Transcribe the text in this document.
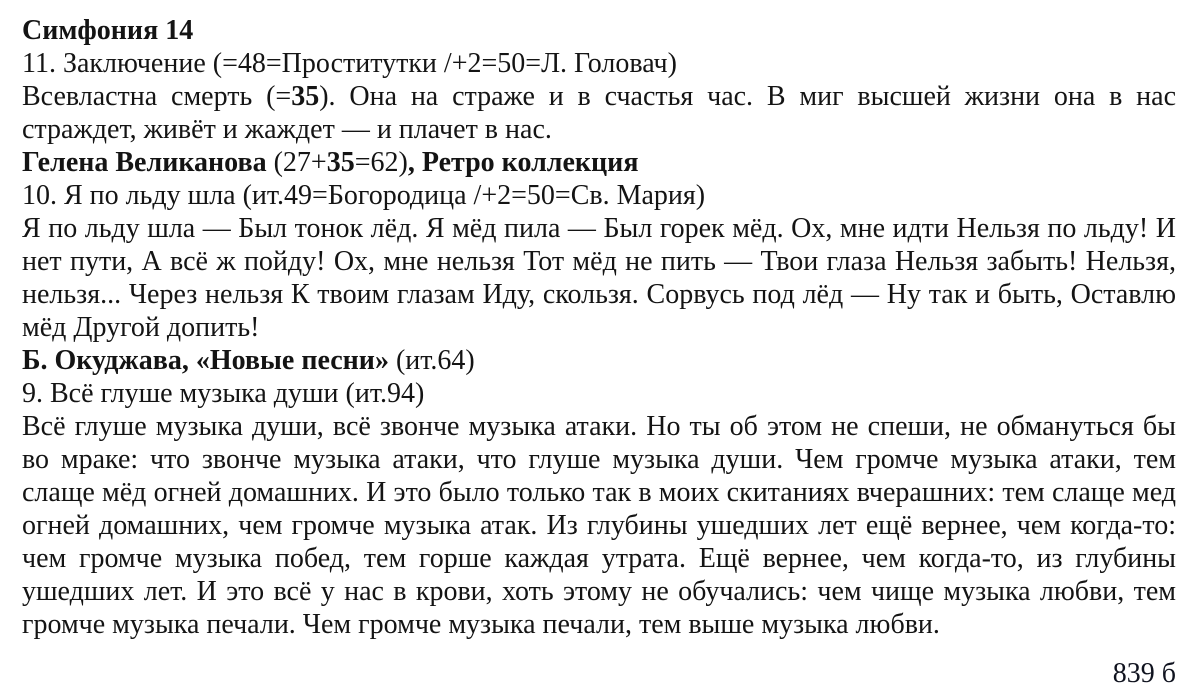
Симфония 14

11. Заключение (=48=Проститутки /+2=50=Л. Головач)

Всевластна смерть (=35). Она на страже и в счастья час. В миг высшей жизни она в нас страждет, живёт и жаждет — и плачет в нас.

Гелена Великанова (27+35=62), Ретро коллекция

10. Я по льду шла (ит.49=Богородица /+2=50=Св. Мария)

Я по льду шла — Был тонок лёд. Я мёд пила — Был горек мёд. Ох, мне идти Нельзя по льду! И нет пути, А всё ж пойду! Ох, мне нельзя Тот мёд не пить — Твои глаза Нельзя забыть! Нельзя, нельзя... Через нельзя К твоим глазам Иду, скользя. Сорвусь под лёд — Ну так и быть, Оставлю мёд Другой допить!

Б. Окуджава, «Новые песни» (ит.64)

9. Всё глуше музыка души (ит.94)

Всё глуше музыка души, всё звонче музыка атаки. Но ты об этом не спеши, не обмануться бы во мраке: что звонче музыка атаки, что глуше музыка души. Чем громче музыка атаки, тем слаще мёд огней домашних. И это было только так в моих скитаниях вчерашних: тем слаще мед огней домашних, чем громче музыка атак. Из глубины ушедших лет ещё вернее, чем когда-то: чем громче музыка побед, тем горше каждая утрата. Ещё вернее, чем когда-то, из глубины ушедших лет. И это всё у нас в крови, хоть этому не обучались: чем чище музыка любви, тем громче музыка печали. Чем громче музыка печали, тем выше музыка любви.

839 б
